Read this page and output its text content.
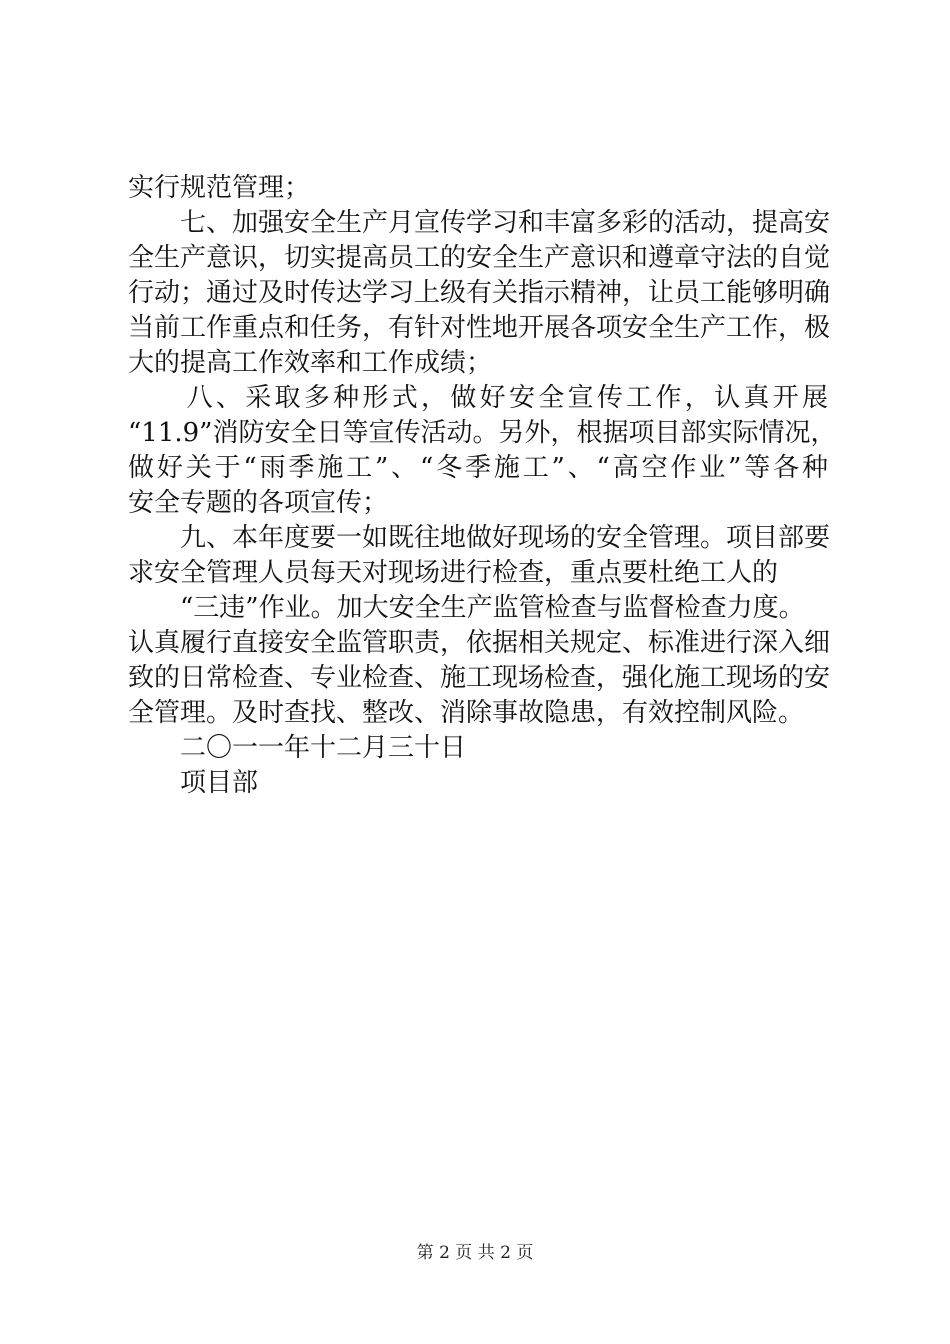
实行规范管理；
　　七、加强安全生产月宣传学习和丰富多彩的活动，提高安
全生产意识，切实提高员工的安全生产意识和遵章守法的自觉
行动；通过及时传达学习上级有关指示精神，让员工能够明确
当前工作重点和任务，有针对性地开展各项安全生产工作，极
大的提高工作效率和工作成绩；
　　八、采取多种形式，做好安全宣传工作，认真开展
“11.9”消防安全日等宣传活动。另外，根据项目部实际情况，
做好关于“雨季施工”、“冬季施工”、“高空作业”等各种
安全专题的各项宣传；
　　九、本年度要一如既往地做好现场的安全管理。项目部要
求安全管理人员每天对现场进行检查，重点要杜绝工人的
　　“三违”作业。加大安全生产监管检查与监督检查力度。
认真履行直接安全监管职责，依据相关规定、标准进行深入细
致的日常检查、专业检查、施工现场检查，强化施工现场的安
全管理。及时查找、整改、消除事故隐患，有效控制风险。
　　二〇一一年十二月三十日
　　项目部
第 2 页 共 2 页
